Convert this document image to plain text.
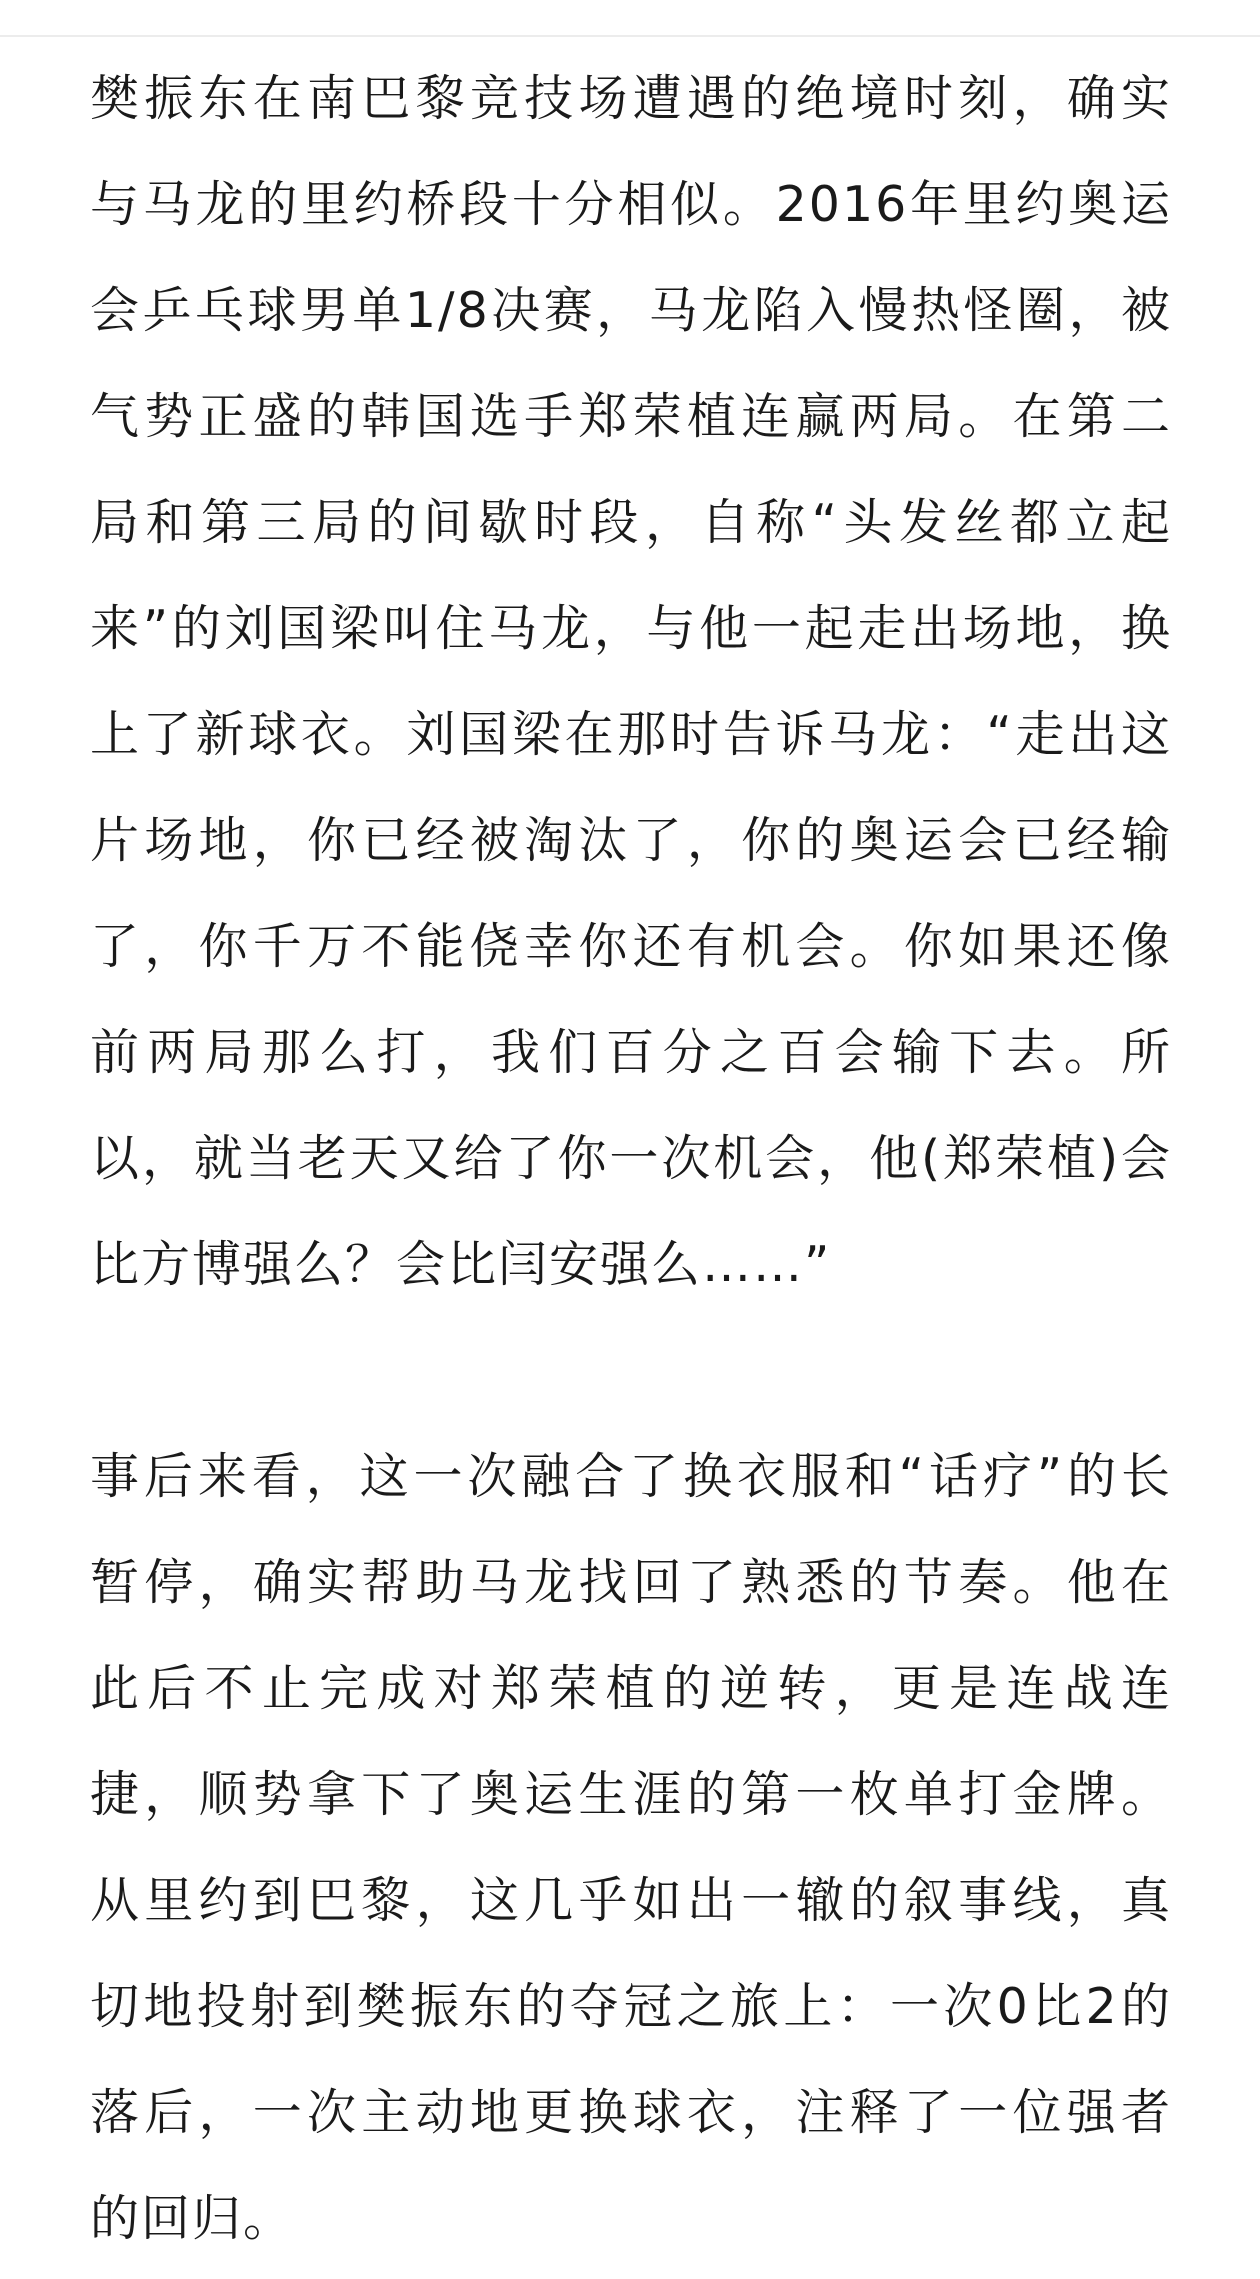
樊振东在南巴黎竞技场遭遇的绝境时刻，确实
与马龙的里约桥段十分相似。2016年里约奥运
会乒乓球男单1/8决赛，马龙陷入慢热怪圈，被
气势正盛的韩国选手郑荣植连赢两局。在第二
局和第三局的间歇时段，自称“头发丝都立起
来”的刘国梁叫住马龙，与他一起走出场地，换
上了新球衣。刘国梁在那时告诉马龙：“走出这
片场地，你已经被淘汰了，你的奥运会已经输
了，你千万不能侥幸你还有机会。你如果还像
前两局那么打，我们百分之百会输下去。所
以，就当老天又给了你一次机会，他(郑荣植)会
比方博强么？会比闫安强么……”

事后来看，这一次融合了换衣服和“话疗”的长
暂停，确实帮助马龙找回了熟悉的节奏。他在
此后不止完成对郑荣植的逆转，更是连战连
捷，顺势拿下了奥运生涯的第一枚单打金牌。
从里约到巴黎，这几乎如出一辙的叙事线，真
切地投射到樊振东的夺冠之旅上：一次0比2的
落后，一次主动地更换球衣，注释了一位强者
的回归。
